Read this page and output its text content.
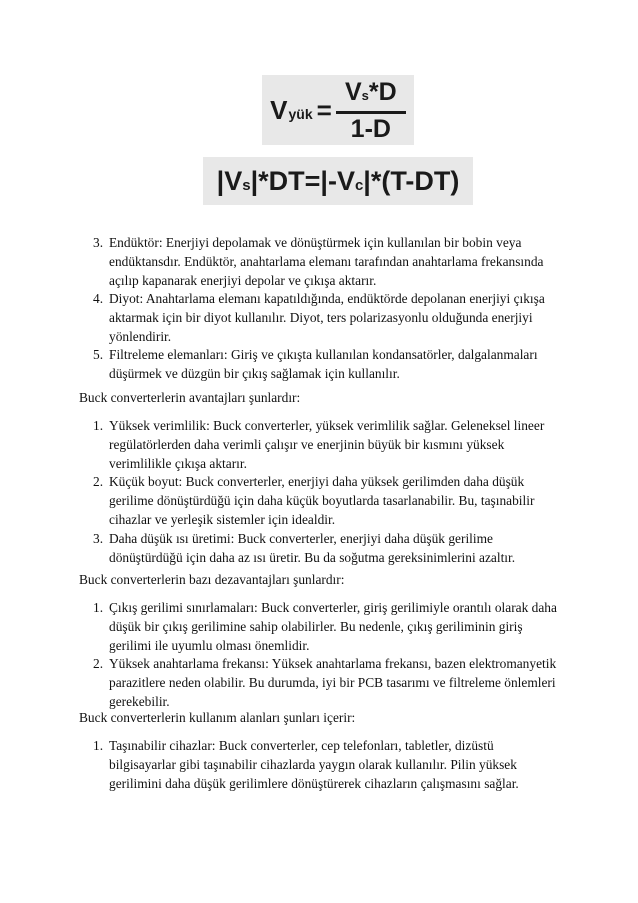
V yük = $\frac{\text{V s *D}}{1-D}$
|V s |*DT=|-V c |*(T-DT)
3. Endüktör: Enerjiyi depolamak ve dönüştürmek için kullanılan bir bobin veya endüktansdır. Endüktör, anahtarlama elemanı tarafından anahtarlama frekansında açılıp kapanarak enerjiyi depolar ve çıkışa aktarır.
4. Diyot: Anahtarlama elemanı kapatıldığında, endüktörde depolanan enerjiyi çıkışa aktarmak için bir diyot kullanılır. Diyot, ters polarizasyonlu olduğunda enerjiyi yönlendirir.
5. Filtreleme elemanları: Giriş ve çıkışta kullanılan kondansatörler, dalgalanmaları düşürmek ve düzgün bir çıkış sağlamak için kullanılır.
Buck converterlerin avantajları şunlardır:
1. Yüksek verimlilik: Buck converterler, yüksek verimlilik sağlar. Geleneksel lineer regülatörlerden daha verimli çalışır ve enerjinin büyük bir kısmını yüksek verimlilikle çıkışa aktarır.
2. Küçük boyut: Buck converterler, enerjiyi daha yüksek gerilimden daha düşük gerilime dönüştürdüğü için daha küçük boyutlarda tasarlanabilir. Bu, taşınabilir cihazlar ve yerleşik sistemler için idealdir.
3. Daha düşük ısı üretimi: Buck converterler, enerjiyi daha düşük gerilime dönüştürdüğü için daha az ısı üretir. Bu da soğutma gereksinimlerini azaltır.
Buck converterlerin bazı dezavantajları şunlardır:
1. Çıkış gerilimi sınırlamaları: Buck converterler, giriş gerilimiyle orantılı olarak daha düşük bir çıkış gerilimine sahip olabilirler. Bu nedenle, çıkış geriliminin giriş gerilimi ile uyumlu olması önemlidir.
2. Yüksek anahtarlama frekansı: Yüksek anahtarlama frekansı, bazen elektromanyetik parazitlere neden olabilir. Bu durumda, iyi bir PCB tasarımı ve filtreleme önlemleri gerekebilir.
Buck converterlerin kullanım alanları şunları içerir:
1. Taşınabilir cihazlar: Buck converterler, cep telefonları, tabletler, dizüstü bilgisayarlar gibi taşınabilir cihazlarda yaygın olarak kullanılır. Pilin yüksek gerilimini daha düşük gerilimlere dönüştürerek cihazların çalışmasını sağlar.
